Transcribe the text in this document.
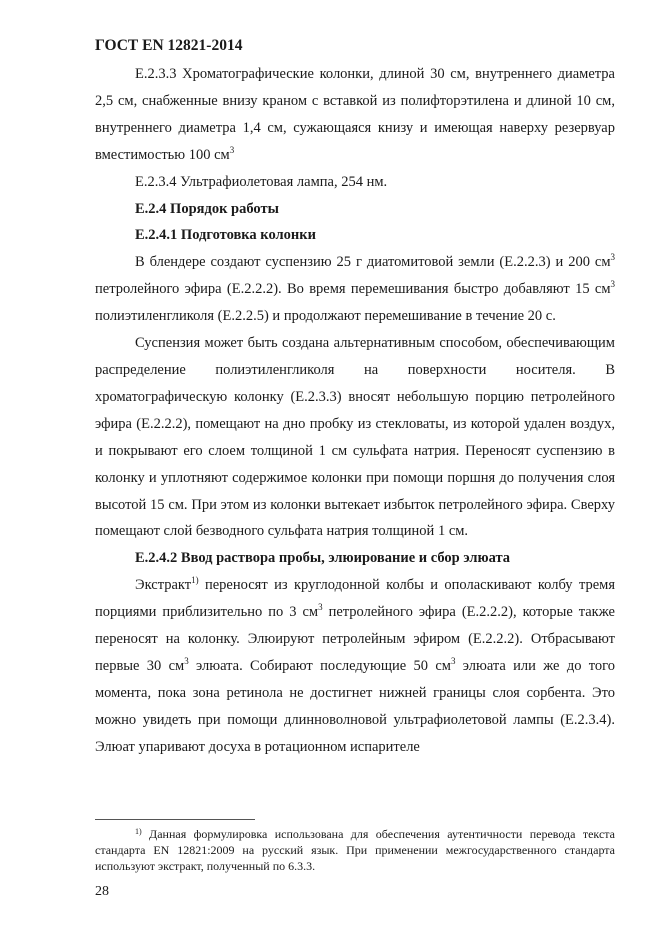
ГОСТ EN 12821-2014

Е.2.3.3 Хроматографические колонки, длиной 30 см, внутреннего диаметра 2,5 см, снабженные внизу краном с вставкой из полифторэтилена и длиной 10 см, внутреннего диаметра 1,4 см, сужающаяся книзу и имеющая наверху резервуар вместимостью 100 $см^3$

Е.2.3.4 Ультрафиолетовая лампа, 254 нм.

Е.2.4 Порядок работы

Е.2.4.1 Подготовка колонки

В блендере создают суспензию 25 г диатомитовой земли (Е.2.2.3) и 200 $см^3$ петролейного эфира (Е.2.2.2). Во время перемешивания быстро добавляют 15 $см^3$ полиэтиленгликоля (Е.2.2.5) и продолжают перемешивание в течение 20 с.

Суспензия может быть создана альтернативным способом, обеспечивающим распределение полиэтиленгликоля на поверхности носителя. В хроматографическую колонку (Е.2.3.3) вносят небольшую порцию петролейного эфира (Е.2.2.2), помещают на дно пробку из стекловаты, из которой удален воздух, и покрывают его слоем толщиной 1 см сульфата натрия. Переносят суспензию в колонку и уплотняют содержимое колонки при помощи поршня до получения слоя высотой 15 см. При этом из колонки вытекает избыток петролейного эфира. Сверху помещают слой безводного сульфата натрия толщиной 1 см.

Е.2.4.2 Ввод раствора пробы, элюирование и сбор элюата

Экстракт$^{1)}$ переносят из круглодонной колбы и ополаскивают колбу тремя порциями приблизительно по 3 $см^3$ петролейного эфира (Е.2.2.2), которые также переносят на колонку. Элюируют петролейным эфиром (Е.2.2.2). Отбрасывают первые 30 $см^3$ элюата. Собирают последующие 50 $см^3$ элюата или же до того момента, пока зона ретинола не достигнет нижней границы слоя сорбента. Это можно увидеть при помощи длинноволновой ультрафиолетовой лампы (Е.2.3.4). Элюат упаривают досуха в ротационном испарителе

$^{1)}$ Данная формулировка использована для обеспечения аутентичности перевода текста стандарта EN 12821:2009 на русский язык. При применении межгосударственного стандарта используют экстракт, полученный по 6.3.3.

28
